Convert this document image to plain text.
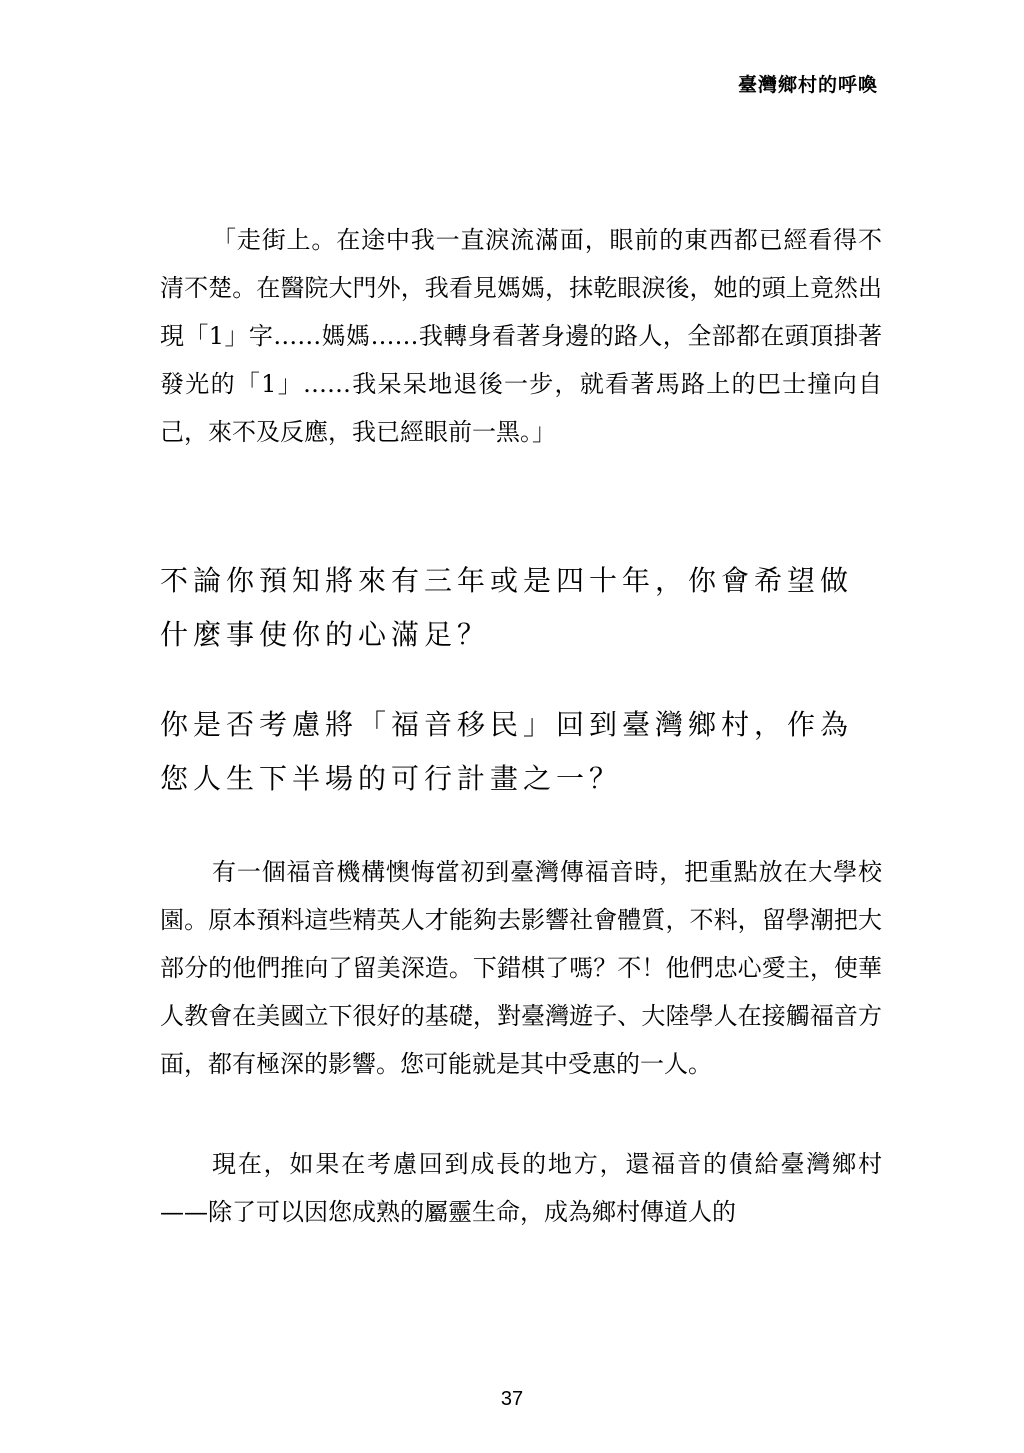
臺灣鄉村的呼喚

「走街上。在途中我一直淚流滿面，眼前的東西都已經看得不清不楚。在醫院大門外，我看見媽媽，抹乾眼淚後，她的頭上竟然出現「1」字……媽媽……我轉身看著身邊的路人，全部都在頭頂掛著發光的「1」……我呆呆地退後一步，就看著馬路上的巴士撞向自己，來不及反應，我已經眼前一黑。」

不論你預知將來有三年或是四十年，你會希望做什麼事使你的心滿足？
你是否考慮將「福音移民」回到臺灣鄉村，作為您人生下半場的可行計畫之一？

有一個福音機構懊悔當初到臺灣傳福音時，把重點放在大學校園。原本預料這些精英人才能夠去影響社會體質，不料，留學潮把大部分的他們推向了留美深造。下錯棋了嗎？不！他們忠心愛主，使華人教會在美國立下很好的基礎，對臺灣遊子、大陸學人在接觸福音方面，都有極深的影響。您可能就是其中受惠的一人。

現在，如果在考慮回到成長的地方，還福音的債給臺灣鄉村——除了可以因您成熟的屬靈生命，成為鄉村傳道人的

37
